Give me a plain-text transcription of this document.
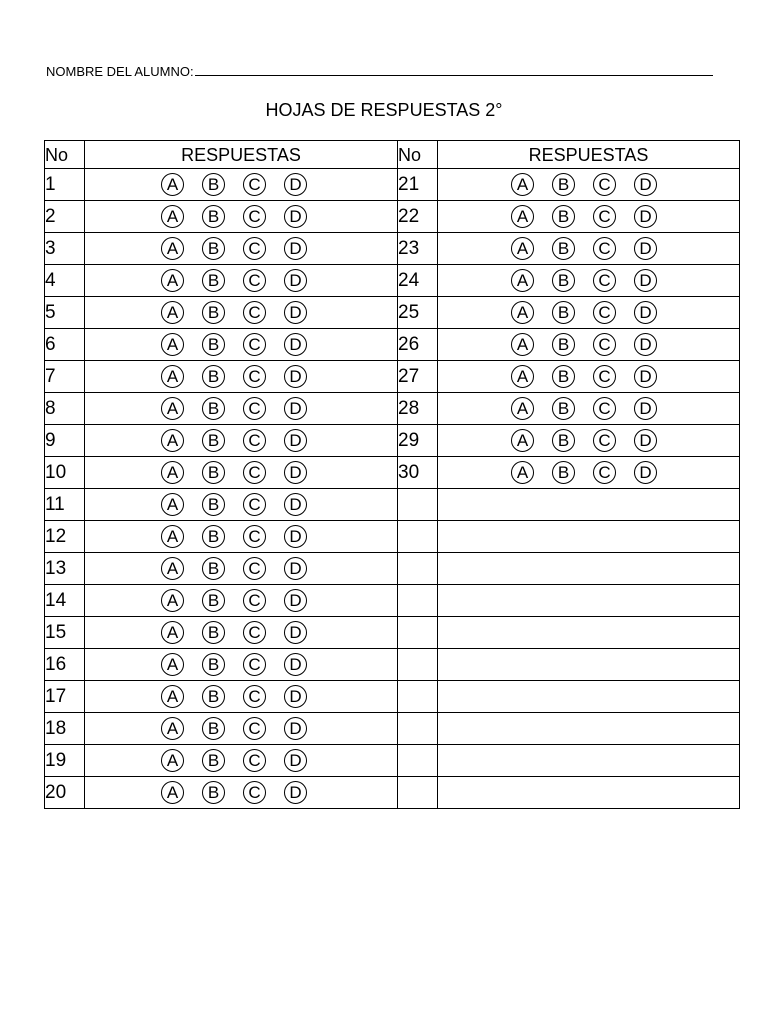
NOMBRE DEL ALUMNO:
HOJAS DE RESPUESTAS 2°
No	RESPUESTAS	No	RESPUESTAS
1	A B C D	21	A B C D

2	A B C D	22	A B C D

3	A B C D	23	A B C D

4	A B C D	24	A B C D

5	A B C D	25	A B C D

6	A B C D	26	A B C D

7	A B C D	27	A B C D

8	A B C D	28	A B C D

9	A B C D	29	A B C D

10	A B C D	30	A B C D

11	A B C D		

12	A B C D		

13	A B C D		

14	A B C D		

15	A B C D		

16	A B C D		

17	A B C D		

18	A B C D		

19	A B C D		

20	A B C D		
